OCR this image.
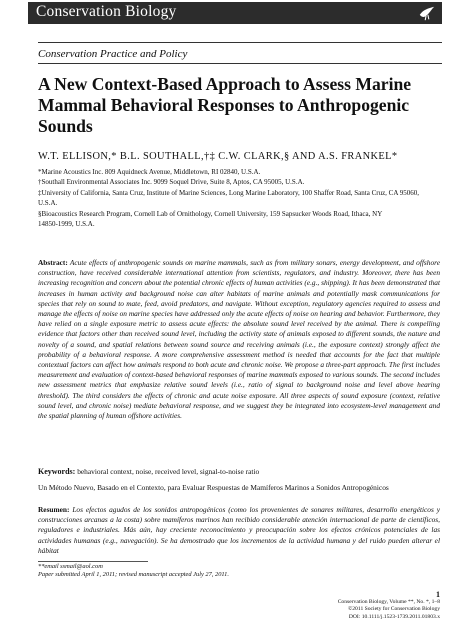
Conservation Biology
Conservation Practice and Policy
A New Context-Based Approach to Assess Marine Mammal Behavioral Responses to Anthropogenic Sounds
W.T. ELLISON,* B.L. SOUTHALL,†‡ C.W. CLARK,§ AND A.S. FRANKEL*
*Marine Acoustics Inc. 809 Aquidneck Avenue, Middletown, RI 02840, U.S.A.
†Southall Environmental Associates Inc. 9099 Soquel Drive, Suite 8, Aptos, CA 95005, U.S.A.
‡University of California, Santa Cruz, Institute of Marine Sciences, Long Marine Laboratory, 100 Shaffer Road, Santa Cruz, CA 95060,
U.S.A.
§Bioacoustics Research Program, Cornell Lab of Ornithology, Cornell University, 159 Sapsucker Woods Road, Ithaca, NY
14850-1999, U.S.A.
Abstract: Acute effects of anthropogenic sounds on marine mammals, such as from military sonars, energy development, and offshore construction, have received considerable international attention from scientists, regulators, and industry. Moreover, there has been increasing recognition and concern about the potential chronic effects of human activities (e.g., shipping). It has been demonstrated that increases in human activity and background noise can alter habitats of marine animals and potentially mask communications for species that rely on sound to mate, feed, avoid predators, and navigate. Without exception, regulatory agencies required to assess and manage the effects of noise on marine species have addressed only the acute effects of noise on hearing and behavior. Furthermore, they have relied on a single exposure metric to assess acute effects: the absolute sound level received by the animal. There is compelling evidence that factors other than received sound level, including the activity state of animals exposed to different sounds, the nature and novelty of a sound, and spatial relations between sound source and receiving animals (i.e., the exposure context) strongly affect the probability of a behavioral response. A more comprehensive assessment method is needed that accounts for the fact that multiple contextual factors can affect how animals respond to both acute and chronic noise. We propose a three-part approach. The first includes measurement and evaluation of context-based behavioral responses of marine mammals exposed to various sounds. The second includes new assessment metrics that emphasize relative sound levels (i.e., ratio of signal to background noise and level above hearing threshold). The third considers the effects of chronic and acute noise exposure. All three aspects of sound exposure (context, relative sound level, and chronic noise) mediate behavioral response, and we suggest they be integrated into ecosystem-level management and the spatial planning of human offshore activities.
Keywords: behavioral context, noise, received level, signal-to-noise ratio
Un Método Nuevo, Basado en el Contexto, para Evaluar Respuestas de Mamíferos Marinos a Sonidos Antropogénicos
Resumen: Los efectos agudos de los sonidos antropogénicos (como los provenientes de sonares militares, desarrollo energéticos y construcciones arcanas a la costa) sobre mamíferos marinos han recibido considerable atención internacional de parte de científicos, reguladores e industriales. Más aún, hay creciente reconocimiento y preocupación sobre los efectos crónicos potenciales de las actividades humanas (e.g., navegación). Se ha demostrado que los incrementos de la actividad humana y del ruido pueden alterar el hábitat
**email ssmail@aol.com
Paper submitted April 1, 2011; revised manuscript accepted July 27, 2011.
1
Conservation Biology, Volume **, No. *, 1–8
©2011 Society for Conservation Biology
DOI: 10.1111/j.1523-1739.2011.01803.x
